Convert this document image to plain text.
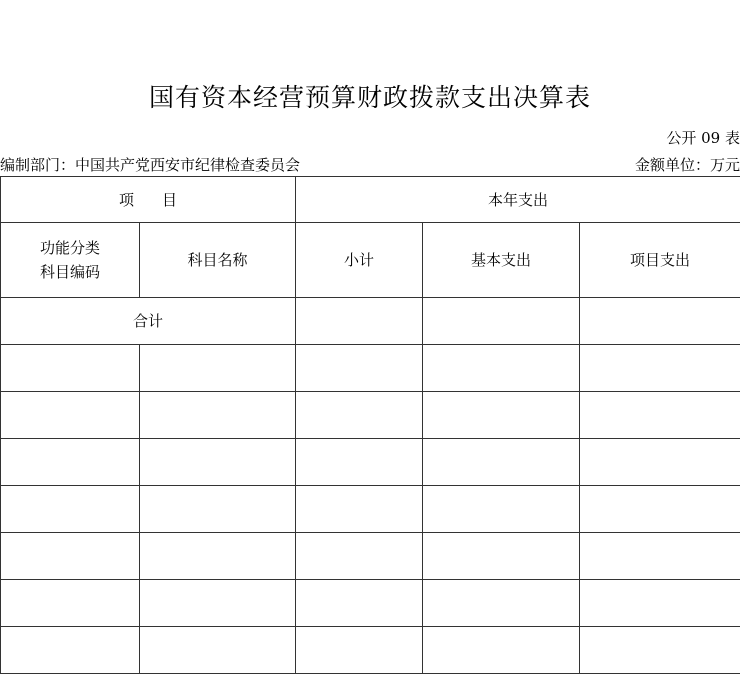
国有资本经营预算财政拨款支出决算表
公开 09 表
编制部门：中国共产党西安市纪律检查委员会	金额单位：万元
项 目		本年支出		

功能分类
科目编码	科目名称	小计	基本支出	项目支出
合计				
